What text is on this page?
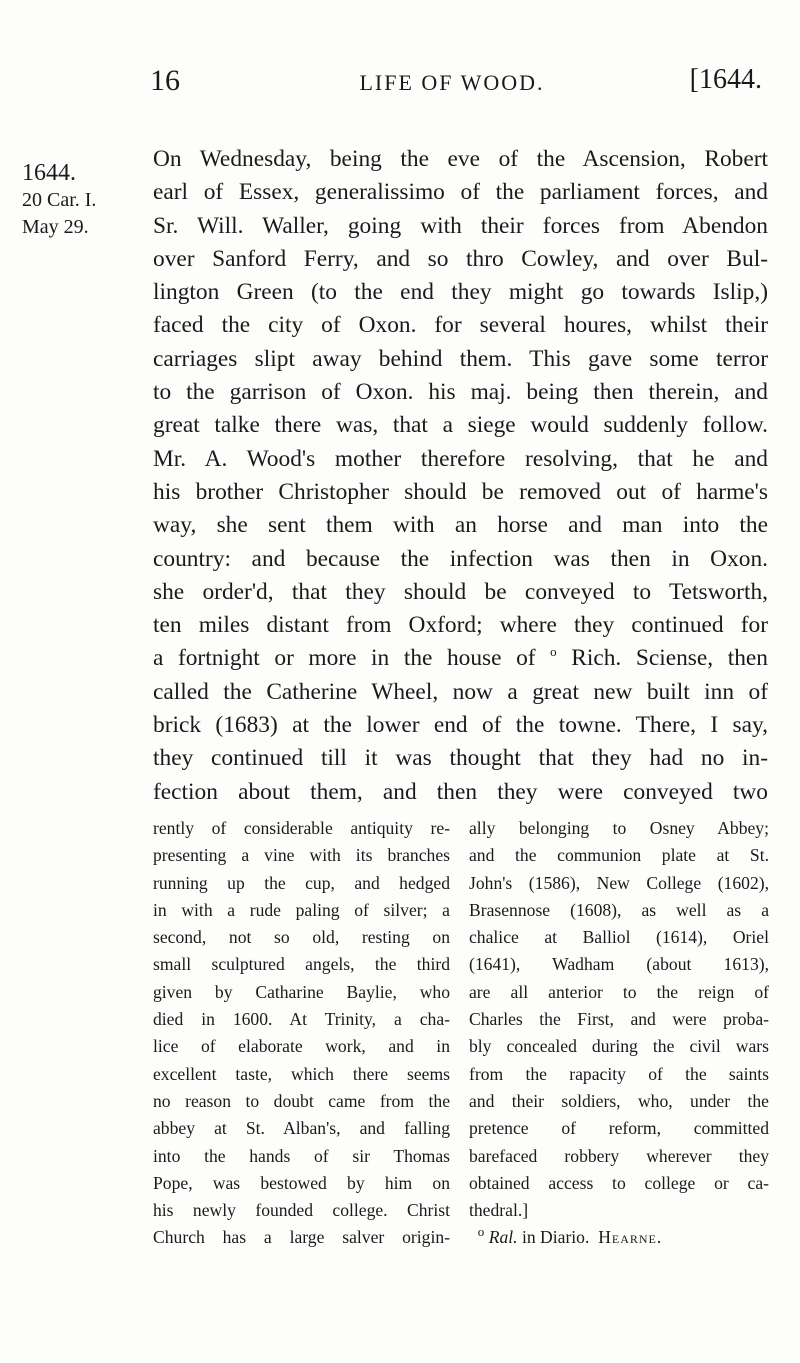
16	LIFE OF WOOD.	[1644.
1644.
20 Car. I.
May 29.
On Wednesday, being the eve of the Ascension, Robert
earl of Essex, generalissimo of the parliament forces, and
Sr. Will. Waller, going with their forces from Abendon
over Sanford Ferry, and so thro Cowley, and over Bul-
lington Green (to the end they might go towards Islip,)
faced the city of Oxon. for several houres, whilst their
carriages slipt away behind them. This gave some terror
to the garrison of Oxon. his maj. being then therein, and
great talke there was, that a siege would suddenly follow.
Mr. A. Wood's mother therefore resolving, that he and
his brother Christopher should be removed out of harme's
way, she sent them with an horse and man into the
country: and because the infection was then in Oxon.
she order'd, that they should be conveyed to Tetsworth,
ten miles distant from Oxford; where they continued for
a fortnight or more in the house of $^o$ Rich. Sciense, then
called the Catherine Wheel, now a great new built inn of
brick (1683) at the lower end of the towne. There, I say,
they continued till it was thought that they had no in-
fection about them, and then they were conveyed two
rently of considerable antiquity re-
presenting a vine with its branches
running up the cup, and hedged
in with a rude paling of silver; a
second, not so old, resting on
small sculptured angels, the third
given by Catharine Baylie, who
died in 1600. At Trinity, a cha-
lice of elaborate work, and in
excellent taste, which there seems
no reason to doubt came from the
abbey at St. Alban's, and falling
into the hands of sir Thomas
Pope, was bestowed by him on
his newly founded college. Christ
Church has a large salver origin-
ally belonging to Osney Abbey;
and the communion plate at St.
John's (1586), New College (1602),
Brasennose (1608), as well as a
chalice at Balliol (1614), Oriel
(1641), Wadham (about 1613),
are all anterior to the reign of
Charles the First, and were proba-
bly concealed during the civil wars
from the rapacity of the saints
and their soldiers, who, under the
pretence of reform, committed
barefaced robbery wherever they
obtained access to college or ca-
thedral.]
$^o$ Ral. in Diario. Hearne.
